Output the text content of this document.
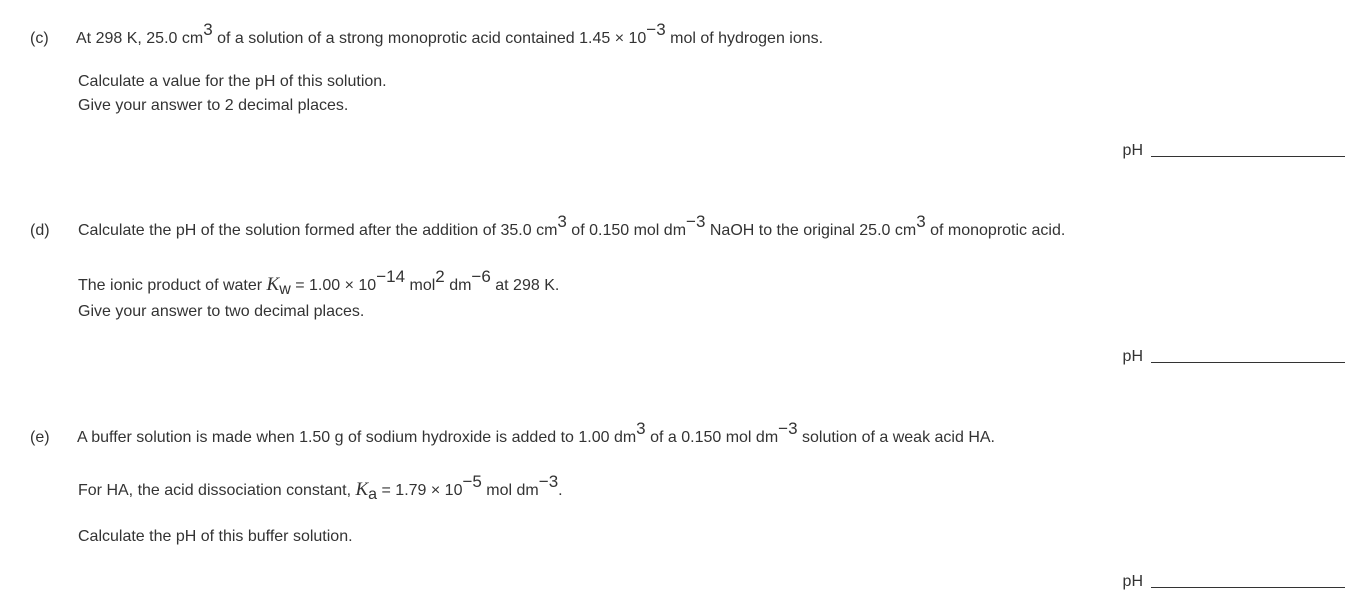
(c) At 298 K, 25.0 $cm^3$ of a solution of a strong monoprotic acid contained $1.45 \times 10^{-3}$ mol of hydrogen ions.
Calculate a value for the pH of this solution.
Give your answer to 2 decimal places.
pH
(d) Calculate the pH of the solution formed after the addition of 35.0 $cm^3$ of 0.150 mol $dm^{-3}$ NaOH to the original 25.0 $cm^3$ of monoprotic acid.
The ionic product of water $K_w = 1.00 \times 10^{-14}$ mol$^2$ $dm^{-6}$ at 298 K.
Give your answer to two decimal places.
pH
(e) A buffer solution is made when 1.50 g of sodium hydroxide is added to 1.00 $dm^3$ of a 0.150 mol $dm^{-3}$ solution of a weak acid HA.
For HA, the acid dissociation constant, $K_a = 1.79 \times 10^{-5}$ mol $dm^{-3}$.
Calculate the pH of this buffer solution.
pH
